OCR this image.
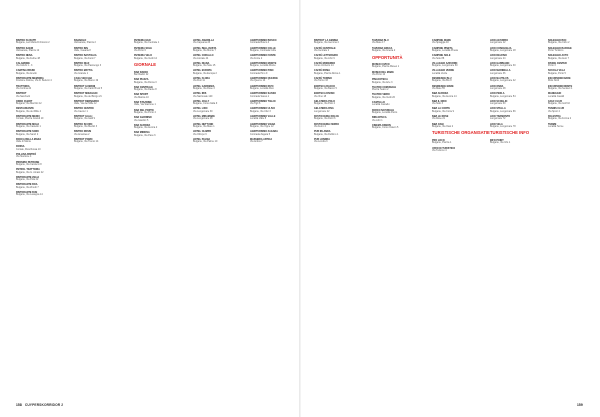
BISTRO FA BATTI
Bulgarie, Laz Maria D'Antonio 2
BISTRO KAERI
Valmarana, Piazza 12
BISTRO NENA
Bulgarie, Via Feline 48
CALAMONE
Via Colubi 1 - 3
CANTINA BRUNI
Bulgarie, Via Anello
RISTORANTE MEMORIA
Frazione Dolone, Via D. Belucci 4
TRATTORIA
Via Cortina 24
BISTROT
Via Sacchetti
ODDO QUART
Bulgarie, Via Mazzini 12
RESTAURANTE
Bulgarie, Via dei Mille 4
RISTORANTE MEDIU
Cortale, Piazza Grandi 10
RISTORANTE MOJA
Bulgarie, Via Castello 1
RISTORANTE SORC
Bulgarie, Via Sanzi 2
ROCCA BELLA MARA
Valle di Monte
ROSSA
Cortale, Riva Rossa 10
POLLINA BISTRÒ
Via Stazione 4
PROSIBO PETRONE
Bulgarie, Via Carducci 8
PETROL TRATTORIA
Bulgarie, Via G. Amato 22
RISTORANTE ZELIA
Bulgarie, Via Pola 22
RISTORANTE BOA
Bulgarie, Via Zinutti 7
RISTORANTE BUE
Bulgarie, Via Lavagna 14
BAGNOLO
Valmarana, Piazza 2
BISTRO INN
Valle, Casaria 8
BISTRO BASTIGLIA
Bulgarie, Via Fanti 7
BISTRO DIAZ
Bulgarie, Via Pastrengo 3
BISTRO MATTIA
Via Grande 1
CASA VECCHIA
Bulgarie, Via Marco 19
BISTROT GUERINI
Bulgarie, Via Carlo Bruni 5
BISTROT MIRAGGIO
Bulgarie, Via del Borgo 21
BISTROT BERNARDO
Valle, Via dei Mille 12
BISTRO CENTRO
Via Cavour 1
BISTROT GALLI
Bulgarie, Via Galli 9
BISTRO SCURO
Bulgarie, Via Medici 3
BISTRO ROSSI
Via Amantea 2
BISTROT POMO
Bulgarie, Via Trento 14
PIZZERIA EGO
Bulgarie, Via Centrale 1
PIZZERIA SOLE
Via Porto 6
PIZZERIA VELO
Bulgarie, Via Verdi 12
GIORNALE
BAR RADICI
Bar Radici 22
BAR PIAZZA
Bulgarie, Via Roma 3
BAR CENTRALE
Bulgarie, Via Dante 8
BAR SPORT
Via Marina 10
BAR STAZIONE
Valle, Via Stazione 1
BAR DEL PORTO
Bulgarie, Via Porto 4
BAR GIARDINO
Via Giardini 5
BAR AURORA
Bulgarie, Via Aurora 2
BAR MIMOSA
Bulgarie, Via Pace 6
HOTEL AMARILLA
Via Capuana 23
HOTEL BELLAVISTA
Bulgarie, Via Monte 7
HOTEL CORALLO
Via Litorale 44
HOTEL DIANA
Bulgarie, Via Sole 15
HOTEL EUROPA
Bulgarie, Via Europa 2
HOTEL FLORA
Via Fiori 11
HOTEL GARDENIA
Bulgarie, Via Rose 3
HOTEL IBIS
Via Nazionale 120
HOTEL JOLLY
Bulgarie, Corso Italia 9
HOTEL LIDO
Via Lungomare 30
HOTEL MIRAMARE
Via Lungomare 48
HOTEL NETTUNO
Bulgarie, Via Mare 1
HOTEL OLIMPO
Via Olimpo 6
HOTEL PALMA
Bulgarie, Via Palme 10
AGRITURISMO BOSCO
Contrada Bosco 4
AGRITURISMO COLLE
Bulgarie, Contrada Colle
AGRITURISMO FONTE
Via Fonte 2
AGRITURISMO MONTE
Bulgarie, Località Monte
AGRITURISMO PINO
Contrada Pino 9
AGRITURISMO QUERCE
Via Querce 14
AGRITURISMO RIVO
Bulgarie, Località Rivo
AGRITURISMO SASSO
Contrada Sasso 1
AGRITURISMO TIGLIO
Via Tigli 6
AGRITURISMO ULIVO
Bulgarie, Via Ulivi 3
AGRITURISMO VALLE
Località Valle 8
AGRITURISMO VIGNA
Bulgarie, Via Vigne 12
AGRITURISMO ZAGARA
Contrada Zagara 5
MASSERIA ANTICA
Via Antica 7
BISTROT LA GEMMA
Bulgarie, Via Gemma 4
CAFFÈ CENTRALE
Via Centrale 2
CAFFÈ LETTERARIO
Bulgarie, Via Libri 9
CAFFÈ MODERNO
Corso Umberto 14
CAFFÈ ROMA
Bulgarie, Piazza Roma 1
CAFFÈ TORINO
Via Torino 33
ENOTECA BACCO
Bulgarie, Via Bacco 5
ENOTECA DIVINO
Via Vino 18
GELATERIA POLO
Bulgarie, Via Polo 2
GELATERIA RIVA
Lungomare 22
PASTICCERIA DOLCE
Bulgarie, Via Dolci 6
PASTICCERIA FERRO
Via Ferro 4
PUB IRLANDA
Bulgarie, Via Dublino 1
PUB LONDRA
Via Londra 3
TAVERNA BLU
Via Mare 17
TAVERNA GRECA
Bulgarie, Via Grecia 2
OPPORTUNITÀ
MUSEO CIVICO
Bulgarie, Piazza Museo 1
MUSEO DEL MARE
Via Porto 12
PINACOTECA
Bulgarie, Via Arte 3
TEATRO COMUNALE
Piazza Teatro 2
TEATRO VERDI
Bulgarie, Via Verdi 20
CASTELLO
Località Castello
PARCO NATURALE
Bulgarie, Località Parco
BIBLIOTECA
Via Libri 1
CINEMA ODEON
Bulgarie, Corso Odeon 5
CAMPING MARE
Via Spiaggia 40
CAMPING PINETA
Bulgarie, Località Pineta
CAMPING SOLE
Via Sole 88
VILLAGGIO AZZURRO
Bulgarie, Lungomare 60
VILLAGGIO VERDE
Località Verde
RESIDENCE BLU
Bulgarie, Via Blu 8
RESIDENCE MARE
Via Mare 55
B&B AURORA
Bulgarie, Via Aurora 14
B&B IL NIDO
Via Nido 3
B&B LA CORTE
Bulgarie, Via Corte 9
B&B LE ROSE
Via Rose 21
B&B OASI
Bulgarie, Via Oasi 2
TURISTISCHE ORGANISATIE
PRO LOCO
Bulgarie, Piazza 1
UFFICIO TURISTICO
Via Turismo 4
LIDO AZZURRO
Lungomare 12
LIDO CONCHIGLIA
Bulgarie, Lungomare 18
LIDO DELFINO
Lungomare 24
LIDO GABBIANO
Bulgarie, Lungomare 30
LIDO MARINELLA
Lungomare 36
LIDO NAUTILUS
Bulgarie, Lungomare 42
LIDO ONDA
Lungomare 48
LIDO PERLA
Bulgarie, Lungomare 54
LIDO SCOGLIO
Lungomare 60
LIDO STELLA
Bulgarie, Lungomare 66
LIDO TRAMONTO
Lungomare 72
LIDO VELA
Bulgarie, Lungomare 78
TURISTISCHE INFO
INFO POINT
Bulgarie, Via Info 1
NOLEGGIO BICI
Bulgarie, Via Ciclo 2
NOLEGGIO BARCHE
Porto Turistico
NOLEGGIO AUTO
Bulgarie, Via Auto 7
DIVING CENTER
Porto 3
SCUOLA VELA
Bulgarie, Porto 5
ESCURSIONI MARE
Molo Nord
ESCURSIONI MONTE
Bulgarie, Via Sentieri 1
MANEGGIO
Località Cavalli
GOLF CLUB
Bulgarie, Via Golf 10
TENNIS CLUB
Via Sport 4
PALESTRA
Bulgarie, Via Forma 2
TERME
Località Terme
158 CUYPERSKORRIDOR 2	159
